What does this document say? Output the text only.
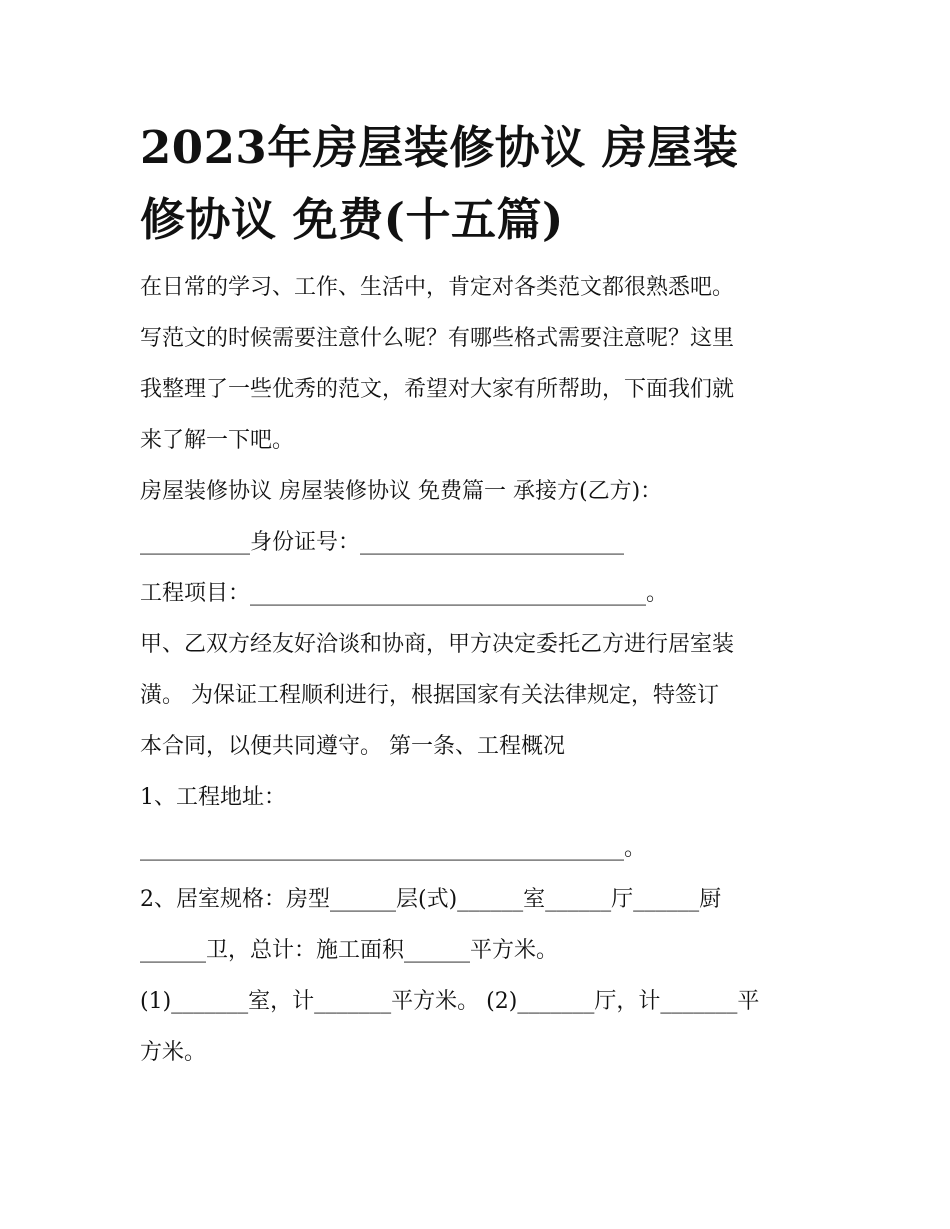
2023年房屋装修协议 房屋装
修协议 免费(十五篇)

在日常的学习、工作、生活中，肯定对各类范文都很熟悉吧。

写范文的时候需要注意什么呢？有哪些格式需要注意呢？这里

我整理了一些优秀的范文，希望对大家有所帮助，下面我们就

来了解一下吧。

房屋装修协议 房屋装修协议 免费篇一 承接方(乙方)：

__________身份证号：________________________

工程项目：____________________________________。

甲、乙双方经友好洽谈和协商，甲方决定委托乙方进行居室装

潢。 为保证工程顺利进行，根据国家有关法律规定，特签订

本合同，以便共同遵守。 第一条、工程概况

1、工程地址：

____________________________________________。

2、居室规格：房型______层(式)______室______厅______厨

______卫，总计：施工面积______平方米。

(1)_______室，计_______平方米。 (2)_______厅，计_______平

方米。
